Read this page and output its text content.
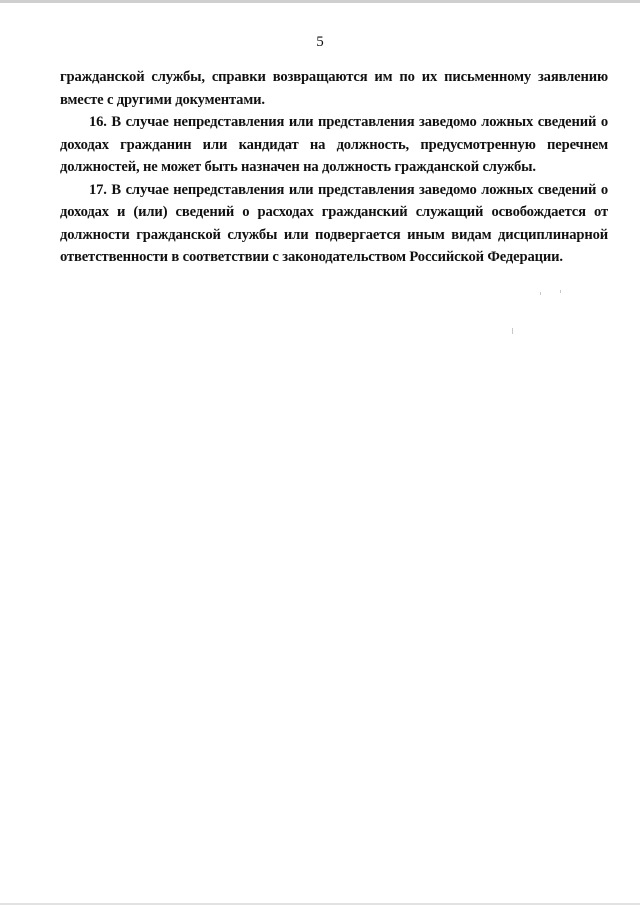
5

гражданской службы, справки возвращаются им по их письменному заявлению вместе с другими документами.

16. В случае непредставления или представления заведомо ложных сведений о доходах гражданин или кандидат на должность, предусмотренную перечнем должностей, не может быть назначен на должность гражданской службы.

17. В случае непредставления или представления заведомо ложных сведений о доходах и (или) сведений о расходах гражданский служащий освобождается от должности гражданской службы или подвергается иным видам дисциплинарной ответственности в соответствии с законодательством Российской Федерации.
